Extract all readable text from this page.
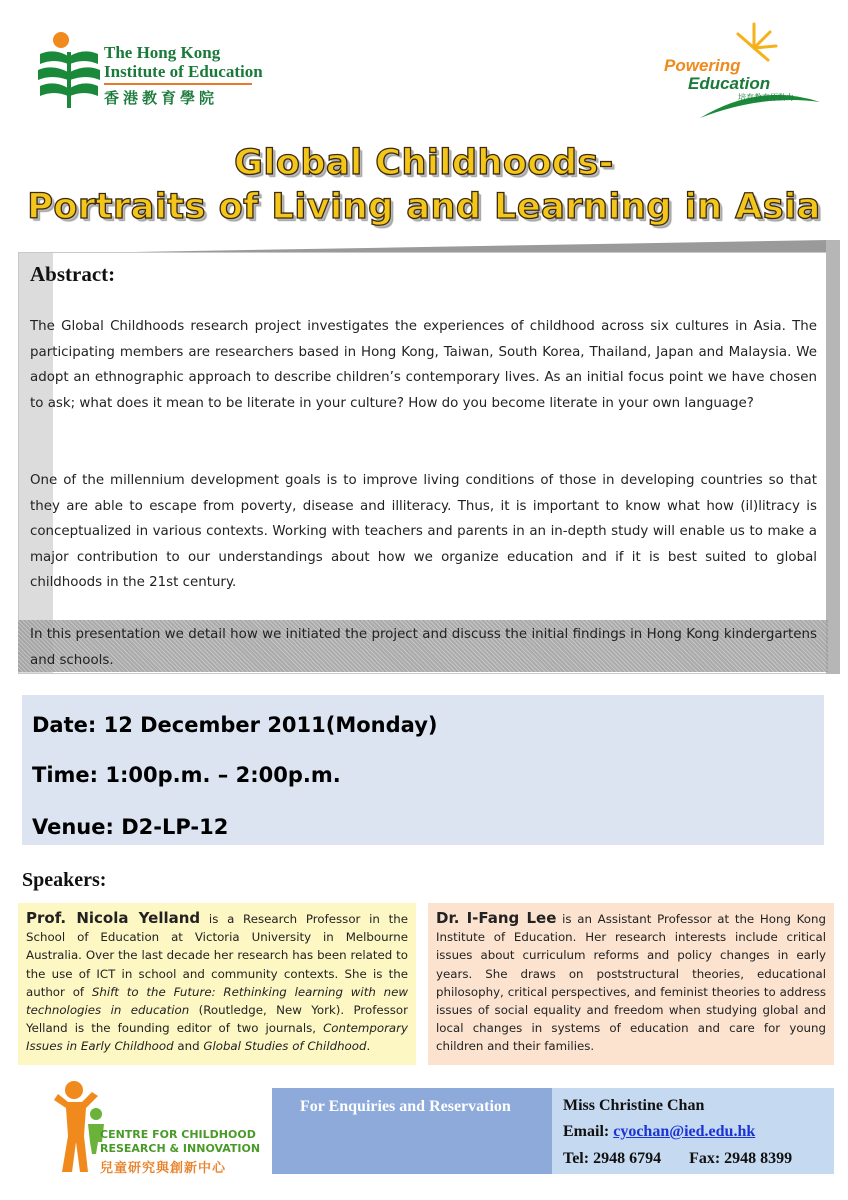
The Hong Kong
Institute of Education
香港教育學院
Powering
Education
培育教育原動力
Global Childhoods-
Portraits of Living and Learning in Asia
Abstract:

The Global Childhoods research project investigates the experiences of childhood across six cultures in Asia. The participating members are researchers based in Hong Kong, Taiwan, South Korea, Thailand, Japan and Malaysia. We adopt an ethnographic approach to describe children’s contemporary lives. As an initial focus point we have chosen to ask; what does it mean to be literate in your culture? How do you become literate in your own language?

One of the millennium development goals is to improve living conditions of those in developing countries so that they are able to escape from poverty, disease and illiteracy. Thus, it is important to know what how (il)litracy is conceptualized in various contexts. Working with teachers and parents in an in-depth study will enable us to make a major contribution to our understandings about how we organize education and if it is best suited to global childhoods in the 21st century.

In this presentation we detail how we initiated the project and discuss the initial findings in Hong Kong kindergartens and schools.

Date: 12 December 2011(Monday)
Time: 1:00p.m. – 2:00p.m.
Venue: D2-LP-12
Speakers:

Prof. Nicola Yelland is a Research Professor in the School of Education at Victoria University in Melbourne Australia. Over the last decade her research has been related to the use of ICT in school and community contexts. She is the author of Shift to the Future: Rethinking learning with new technologies in education (Routledge, New York). Professor Yelland is the founding editor of two journals, Contemporary Issues in Early Childhood and Global Studies of Childhood.

Dr. I-Fang Lee is an Assistant Professor at the Hong Kong Institute of Education. Her research interests include critical issues about curriculum reforms and policy changes in early years. She draws on poststructural theories, educational philosophy, critical perspectives, and feminist theories to address issues of social equality and freedom when studying global and local changes in systems of education and care for young children and their families.

CENTRE FOR CHILDHOOD
RESEARCH & INNOVATION
兒童研究與創新中心
For Enquiries and Reservation	Miss Christine Chan
Email: cyochan@ied.edu.hk
Tel: 2948 6794 Fax: 2948 8399
